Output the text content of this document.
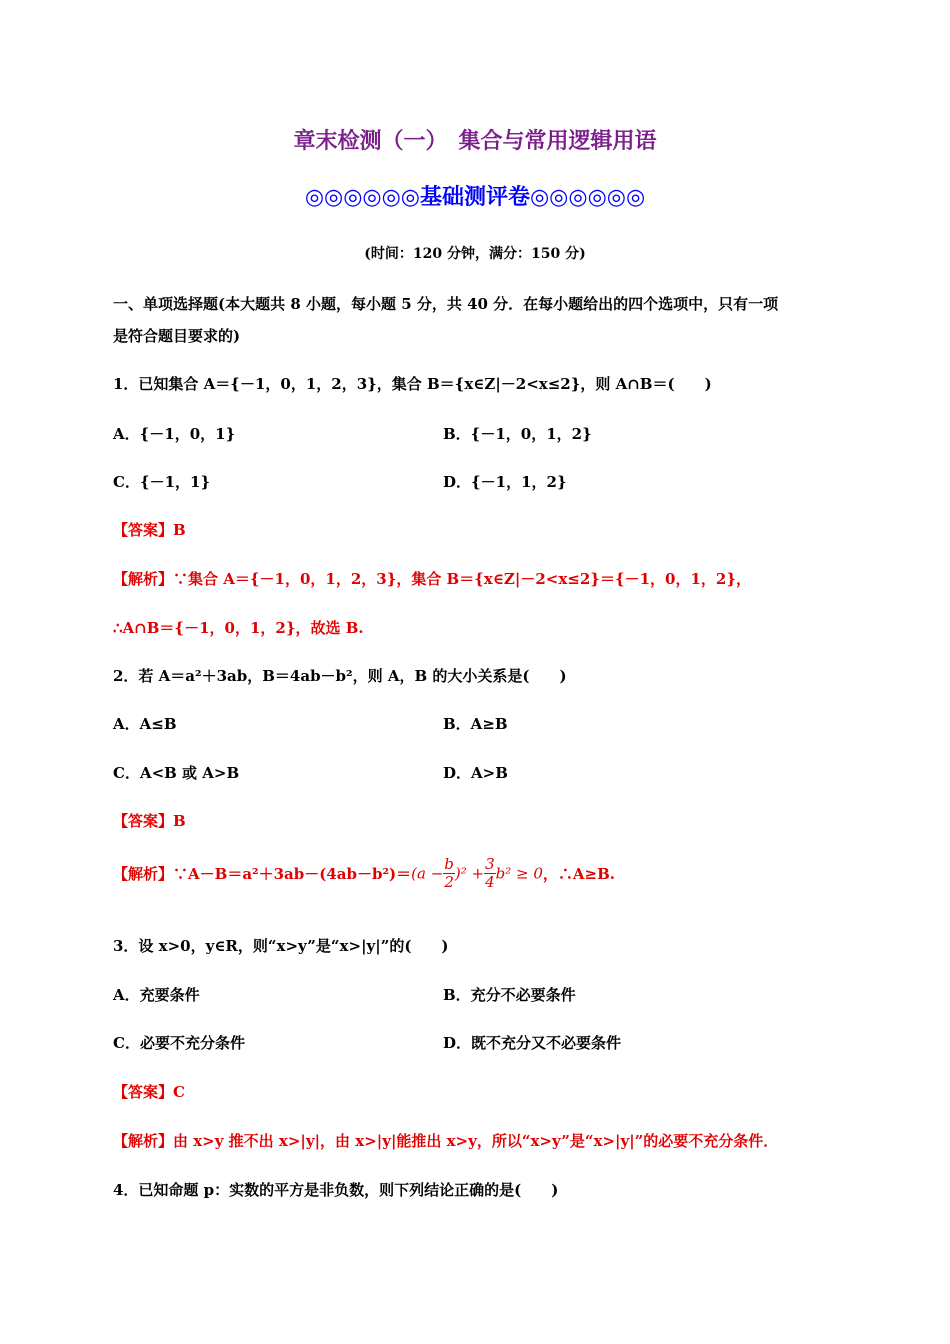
章末检测（一）　集合与常用逻辑用语
◎◎◎◎◎◎基础测评卷◎◎◎◎◎◎
(时间：120 分钟，满分：150 分)
一、单项选择题(本大题共 8 小题，每小题 5 分，共 40 分．在每小题给出的四个选项中，只有一项
是符合题目要求的)
1．已知集合 A＝{－1，0，1，2，3}，集合 B＝{x∈Z|－2<x≤2}，则 A∩B＝(　　)
A．{－1，0，1}	B．{－1，0，1，2}
C．{－1，1}	D．{－1，1，2}
【答案】B
【解析】∵集合 A＝{－1，0，1，2，3}，集合 B＝{x∈Z|－2<x≤2}＝{－1，0，1，2}，
∴A∩B＝{－1，0，1，2}，故选 B.
2．若 A＝a²＋3ab，B＝4ab－b²，则 A，B 的大小关系是(　　)
A．A≤B	B．A≥B
C．A<B 或 A>B	D．A>B
【答案】B
【解析】∵A－B＝a²＋3ab－(4ab－b²)＝(a − $\frac{b}{2} )^2 + \frac{3}{4} b^2 \ge 0$，∴A≥B.
3．设 x>0，y∈R，则“x>y”是“x>|y|”的(　　)
A．充要条件	B．充分不必要条件
C．必要不充分条件	D．既不充分又不必要条件
【答案】C
【解析】由 x>y 推不出 x>|y|，由 x>|y|能推出 x>y，所以“x>y”是“x>|y|”的必要不充分条件．
4．已知命题 p：实数的平方是非负数，则下列结论正确的是(　　)
